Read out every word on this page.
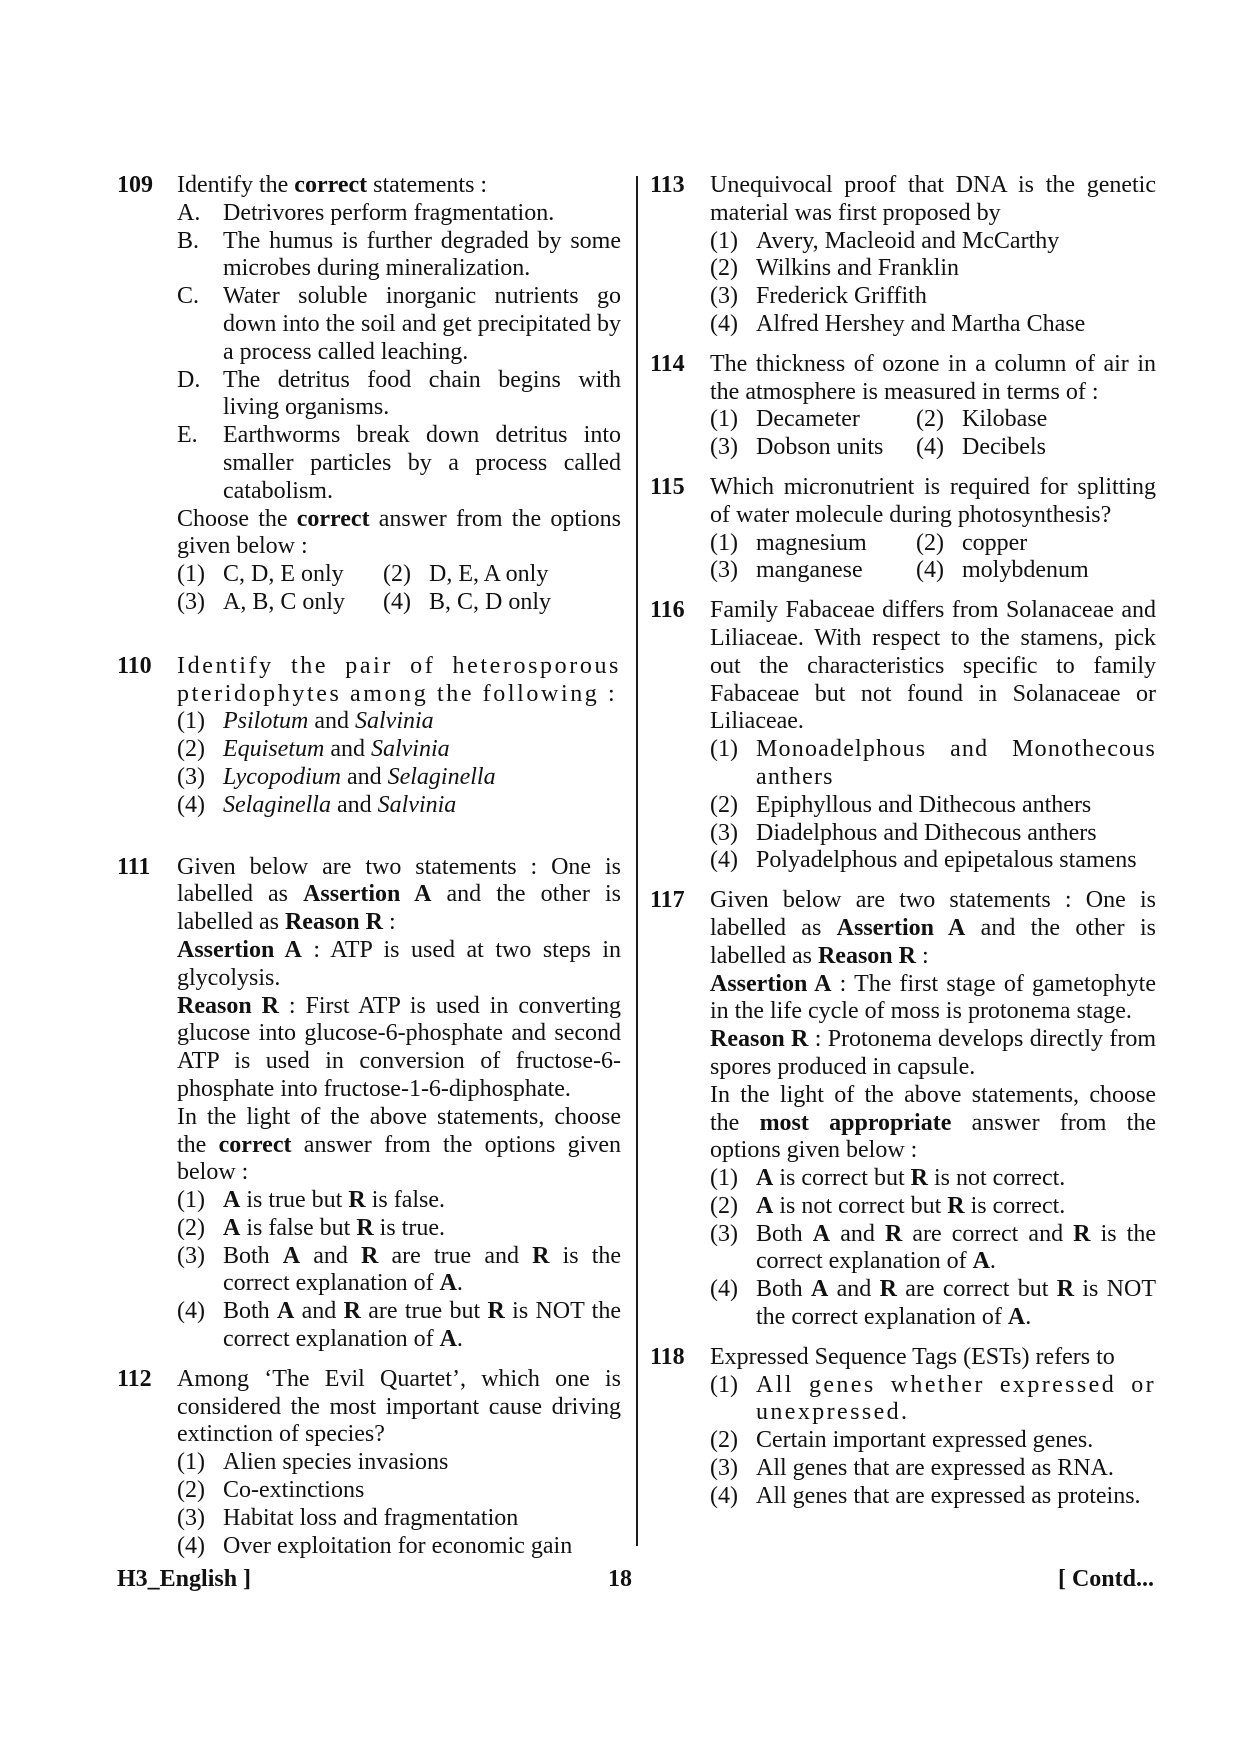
109 Identify the correct statements :
A. Detrivores perform fragmentation.
B. The humus is further degraded by some microbes during mineralization.
C. Water soluble inorganic nutrients go down into the soil and get precipitated by a process called leaching.
D. The detritus food chain begins with living organisms.
E. Earthworms break down detritus into smaller particles by a process called catabolism.
Choose the correct answer from the options given below :
(1) C, D, E only	(2) D, E, A only
(3) A, B, C only	(4) B, C, D only
110 Identify the pair of heterosporous pteridophytes among the following :
(1) Psilotum and Salvinia
(2) Equisetum and Salvinia
(3) Lycopodium and Selaginella
(4) Selaginella and Salvinia
111 Given below are two statements : One is labelled as Assertion A and the other is labelled as Reason R :
Assertion A : ATP is used at two steps in glycolysis.
Reason R : First ATP is used in converting glucose into glucose-6-phosphate and second ATP is used in conversion of fructose-6-phosphate into fructose-1-6-diphosphate.
In the light of the above statements, choose the correct answer from the options given below :
(1) A is true but R is false.
(2) A is false but R is true.
(3) Both A and R are true and R is the correct explanation of A.
(4) Both A and R are true but R is NOT the correct explanation of A.
112 Among ‘The Evil Quartet’, which one is considered the most important cause driving extinction of species?
(1) Alien species invasions
(2) Co-extinctions
(3) Habitat loss and fragmentation
(4) Over exploitation for economic gain
113 Unequivocal proof that DNA is the genetic material was first proposed by
(1) Avery, Macleoid and McCarthy
(2) Wilkins and Franklin
(3) Frederick Griffith
(4) Alfred Hershey and Martha Chase
114 The thickness of ozone in a column of air in the atmosphere is measured in terms of :
(1) Decameter	(2) Kilobase
(3) Dobson units	(4) Decibels
115 Which micronutrient is required for splitting of water molecule during photosynthesis?
(1) magnesium	(2) copper
(3) manganese	(4) molybdenum
116 Family Fabaceae differs from Solanaceae and Liliaceae. With respect to the stamens, pick out the characteristics specific to family Fabaceae but not found in Solanaceae or Liliaceae.
(1) Monoadelphous and Monothecous anthers
(2) Epiphyllous and Dithecous anthers
(3) Diadelphous and Dithecous anthers
(4) Polyadelphous and epipetalous stamens
117 Given below are two statements : One is labelled as Assertion A and the other is labelled as Reason R :
Assertion A : The first stage of gametophyte in the life cycle of moss is protonema stage.
Reason R : Protonema develops directly from spores produced in capsule.
In the light of the above statements, choose the most appropriate answer from the options given below :
(1) A is correct but R is not correct.
(2) A is not correct but R is correct.
(3) Both A and R are correct and R is the correct explanation of A.
(4) Both A and R are correct but R is NOT the correct explanation of A.
118 Expressed Sequence Tags (ESTs) refers to
(1) All genes whether expressed or unexpressed.
(2) Certain important expressed genes.
(3) All genes that are expressed as RNA.
(4) All genes that are expressed as proteins.
H3_English ]	18	[ Contd...
